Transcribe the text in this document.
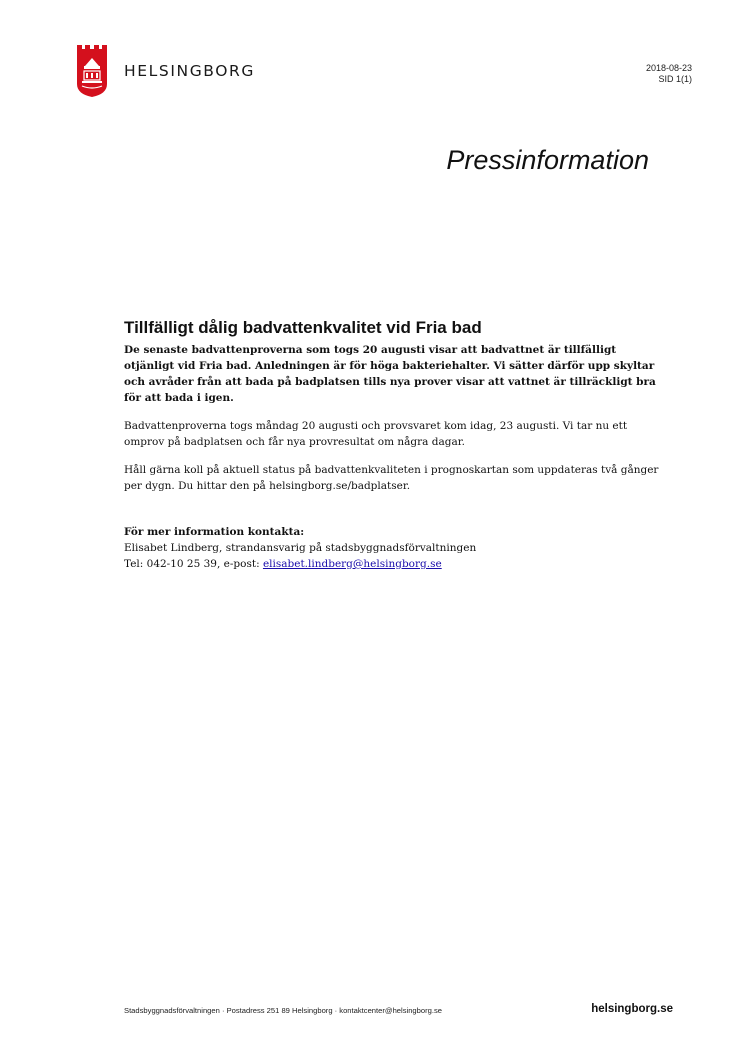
HELSINGBORG	2018-08-23
SID 1(1)
Pressinformation
Tillfälligt dålig badvattenkvalitet vid Fria bad

De senaste badvattenproverna som togs 20 augusti visar att badvattnet är tillfälligt otjänligt vid Fria bad. Anledningen är för höga bakteriehalter. Vi sätter därför upp skyltar och avråder från att bada på badplatsen tills nya prover visar att vattnet är tillräckligt bra för att bada i igen.

Badvattenproverna togs måndag 20 augusti och provsvaret kom idag, 23 augusti. Vi tar nu ett omprov på badplatsen och får nya provresultat om några dagar.

Håll gärna koll på aktuell status på badvattenkvaliteten i prognoskartan som uppdateras två gånger per dygn. Du hittar den på helsingborg.se/badplatser.

För mer information kontakta:
Elisabet Lindberg, strandansvarig på stadsbyggnadsförvaltningen
Tel: 042-10 25 39, e-post: elisabet.lindberg@helsingborg.se
Stadsbyggnadsförvaltningen · Postadress 251 89 Helsingborg · kontaktcenter@helsingborg.se	helsingborg.se
